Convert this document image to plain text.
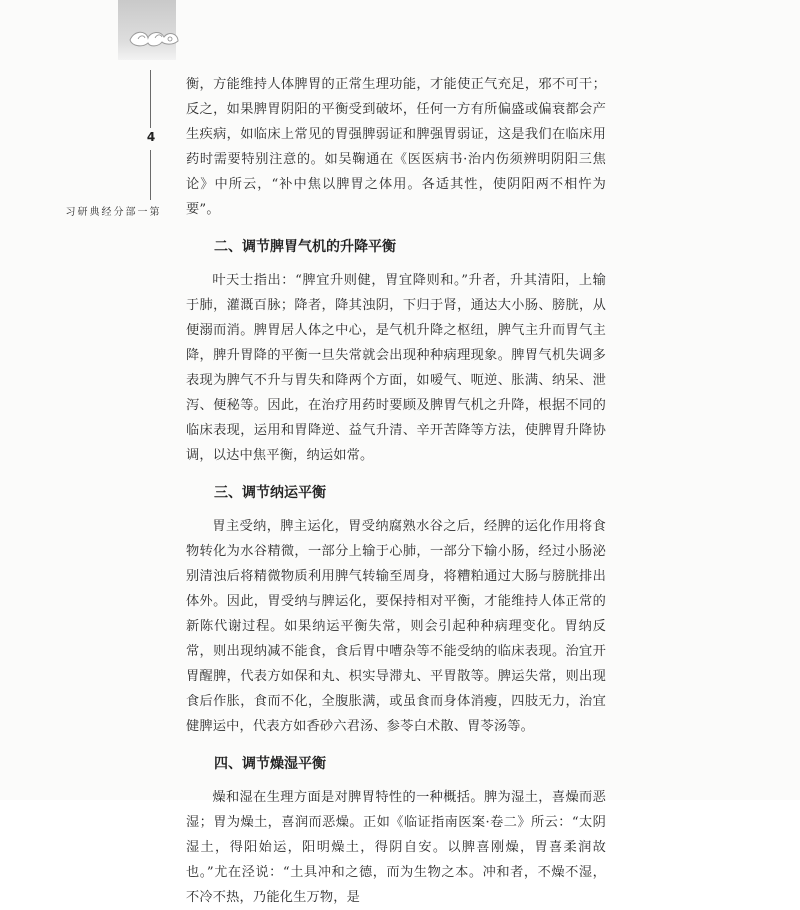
4
第
一
部
分
经
典
研
习

衡，方能维持人体脾胃的正常生理功能，才能使正气充足，邪不可干；反之，如果脾胃阴阳的平衡受到破坏，任何一方有所偏盛或偏衰都会产生疾病，如临床上常见的胃强脾弱证和脾强胃弱证，这是我们在临床用药时需要特别注意的。如吴鞠通在《医医病书·治内伤须辨明阴阳三焦论》中所云，“补中焦以脾胃之体用。各适其性，使阴阳两不相忤为要”。

二、调节脾胃气机的升降平衡

叶天士指出：“脾宜升则健，胃宜降则和。”升者，升其清阳，上输于肺，灌溉百脉；降者，降其浊阴，下归于肾，通达大小肠、膀胱，从便溺而消。脾胃居人体之中心，是气机升降之枢纽，脾气主升而胃气主降，脾升胃降的平衡一旦失常就会出现种种病理现象。脾胃气机失调多表现为脾气不升与胃失和降两个方面，如嗳气、呃逆、胀满、纳呆、泄泻、便秘等。因此，在治疗用药时要顾及脾胃气机之升降，根据不同的临床表现，运用和胃降逆、益气升清、辛开苦降等方法，使脾胃升降协调，以达中焦平衡，纳运如常。

三、调节纳运平衡

胃主受纳，脾主运化，胃受纳腐熟水谷之后，经脾的运化作用将食物转化为水谷精微，一部分上输于心肺，一部分下输小肠，经过小肠泌别清浊后将精微物质利用脾气转输至周身，将糟粕通过大肠与膀胱排出体外。因此，胃受纳与脾运化，要保持相对平衡，才能维持人体正常的新陈代谢过程。如果纳运平衡失常，则会引起种种病理变化。胃纳反常，则出现纳减不能食，食后胃中嘈杂等不能受纳的临床表现。治宜开胃醒脾，代表方如保和丸、枳实导滞丸、平胃散等。脾运失常，则出现食后作胀，食而不化，全腹胀满，或虽食而身体消瘦，四肢无力，治宜健脾运中，代表方如香砂六君汤、参苓白术散、胃苓汤等。

四、调节燥湿平衡

燥和湿在生理方面是对脾胃特性的一种概括。脾为湿土，喜燥而恶湿；胃为燥土，喜润而恶燥。正如《临证指南医案·卷二》所云：“太阴湿土，得阳始运，阳明燥土，得阴自安。以脾喜刚燥，胃喜柔润故也。”尤在泾说：“土具冲和之德，而为生物之本。冲和者，不燥不湿，不冷不热，乃能化生万物，是
